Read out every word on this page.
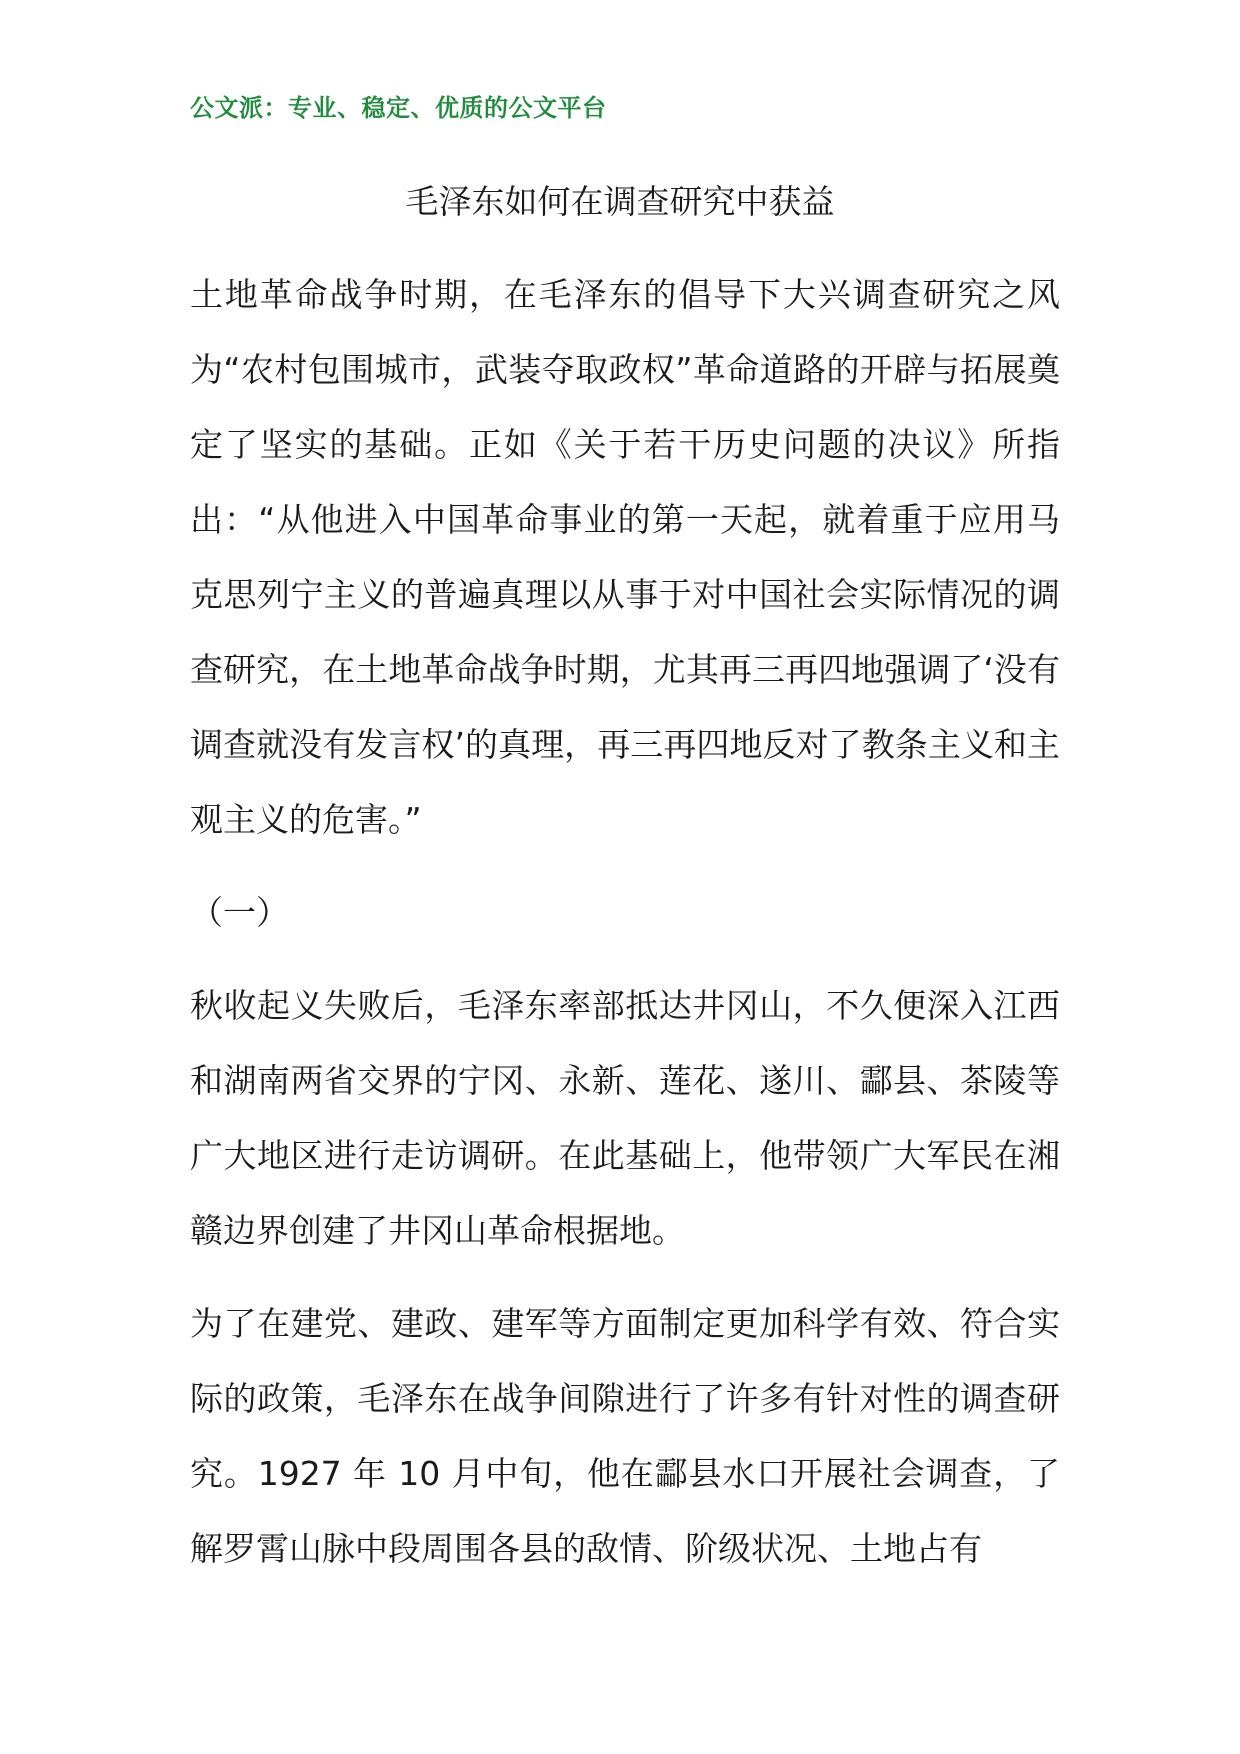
公文派：专业、稳定、优质的公文平台
毛泽东如何在调查研究中获益

土地革命战争时期，在毛泽东的倡导下大兴调查研究之风为“农村包围城市，武装夺取政权”革命道路的开辟与拓展奠定了坚实的基础。正如《关于若干历史问题的决议》所指出：“从他进入中国革命事业的第一天起，就着重于应用马克思列宁主义的普遍真理以从事于对中国社会实际情况的调查研究，在土地革命战争时期，尤其再三再四地强调了‘没有调查就没有发言权’的真理，再三再四地反对了教条主义和主观主义的危害。”

（一）

秋收起义失败后，毛泽东率部抵达井冈山，不久便深入江西和湖南两省交界的宁冈、永新、莲花、遂川、酃县、茶陵等广大地区进行走访调研。在此基础上，他带领广大军民在湘赣边界创建了井冈山革命根据地。

为了在建党、建政、建军等方面制定更加科学有效、符合实际的政策，毛泽东在战争间隙进行了许多有针对性的调查研究。1927 年 10 月中旬，他在酃县水口开展社会调查，了解罗霄山脉中段周围各县的敌情、阶级状况、土地占有
